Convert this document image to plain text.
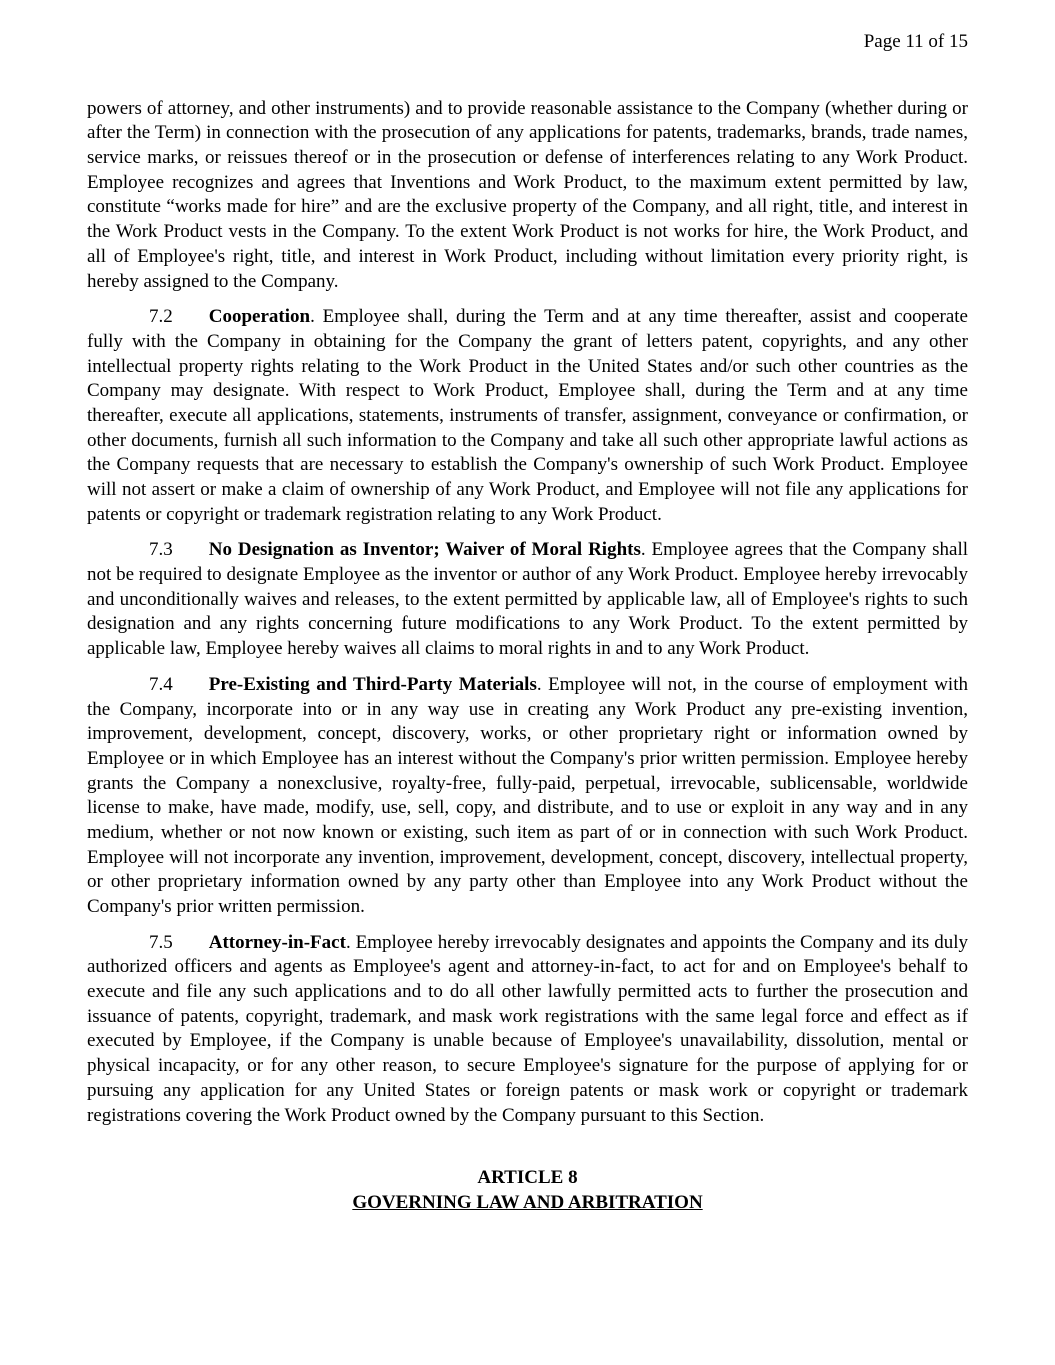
Page 11 of 15

powers of attorney, and other instruments) and to provide reasonable assistance to the Company (whether during or after the Term) in connection with the prosecution of any applications for patents, trademarks, brands, trade names, service marks, or reissues thereof or in the prosecution or defense of interferences relating to any Work Product. Employee recognizes and agrees that Inventions and Work Product, to the maximum extent permitted by law, constitute “works made for hire” and are the exclusive property of the Company, and all right, title, and interest in the Work Product vests in the Company. To the extent Work Product is not works for hire, the Work Product, and all of Employee's right, title, and interest in Work Product, including without limitation every priority right, is hereby assigned to the Company.

7.2 Cooperation. Employee shall, during the Term and at any time thereafter, assist and cooperate fully with the Company in obtaining for the Company the grant of letters patent, copyrights, and any other intellectual property rights relating to the Work Product in the United States and/or such other countries as the Company may designate. With respect to Work Product, Employee shall, during the Term and at any time thereafter, execute all applications, statements, instruments of transfer, assignment, conveyance or confirmation, or other documents, furnish all such information to the Company and take all such other appropriate lawful actions as the Company requests that are necessary to establish the Company's ownership of such Work Product. Employee will not assert or make a claim of ownership of any Work Product, and Employee will not file any applications for patents or copyright or trademark registration relating to any Work Product.

7.3 No Designation as Inventor; Waiver of Moral Rights. Employee agrees that the Company shall not be required to designate Employee as the inventor or author of any Work Product. Employee hereby irrevocably and unconditionally waives and releases, to the extent permitted by applicable law, all of Employee's rights to such designation and any rights concerning future modifications to any Work Product. To the extent permitted by applicable law, Employee hereby waives all claims to moral rights in and to any Work Product.

7.4 Pre-Existing and Third-Party Materials. Employee will not, in the course of employment with the Company, incorporate into or in any way use in creating any Work Product any pre-existing invention, improvement, development, concept, discovery, works, or other proprietary right or information owned by Employee or in which Employee has an interest without the Company's prior written permission. Employee hereby grants the Company a nonexclusive, royalty-free, fully-paid, perpetual, irrevocable, sublicensable, worldwide license to make, have made, modify, use, sell, copy, and distribute, and to use or exploit in any way and in any medium, whether or not now known or existing, such item as part of or in connection with such Work Product. Employee will not incorporate any invention, improvement, development, concept, discovery, intellectual property, or other proprietary information owned by any party other than Employee into any Work Product without the Company's prior written permission.

7.5 Attorney-in-Fact. Employee hereby irrevocably designates and appoints the Company and its duly authorized officers and agents as Employee's agent and attorney-in-fact, to act for and on Employee's behalf to execute and file any such applications and to do all other lawfully permitted acts to further the prosecution and issuance of patents, copyright, trademark, and mask work registrations with the same legal force and effect as if executed by Employee, if the Company is unable because of Employee's unavailability, dissolution, mental or physical incapacity, or for any other reason, to secure Employee's signature for the purpose of applying for or pursuing any application for any United States or foreign patents or mask work or copyright or trademark registrations covering the Work Product owned by the Company pursuant to this Section.

ARTICLE 8

GOVERNING LAW AND ARBITRATION
